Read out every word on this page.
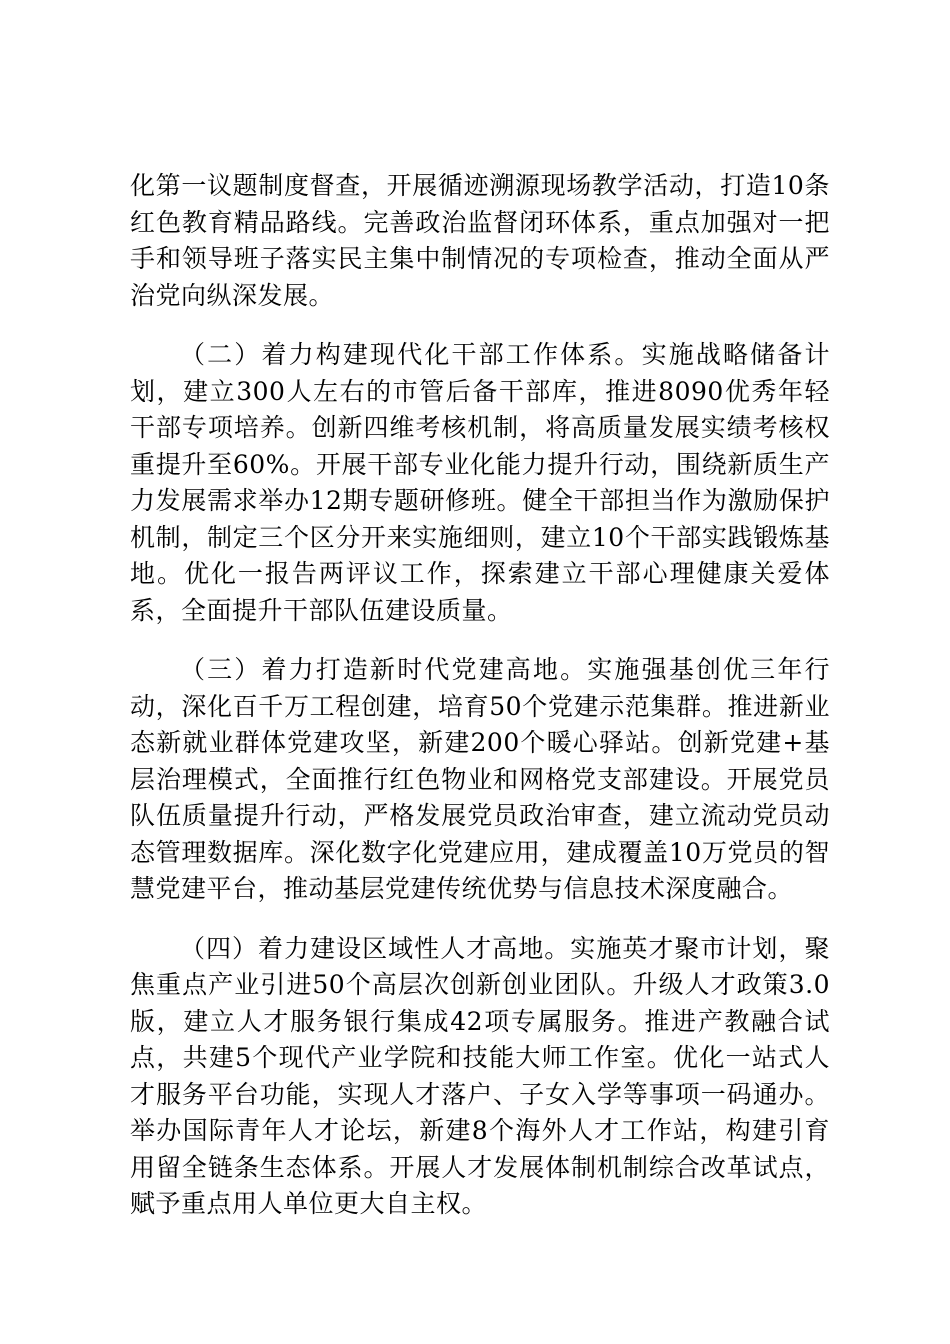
化第一议题制度督查，开展循迹溯源现场教学活动，打造10条红色教育精品路线。完善政治监督闭环体系，重点加强对一把手和领导班子落实民主集中制情况的专项检查，推动全面从严治党向纵深发展。

（二）着力构建现代化干部工作体系。实施战略储备计划，建立300人左右的市管后备干部库，推进8090优秀年轻干部专项培养。创新四维考核机制，将高质量发展实绩考核权重提升至60%。开展干部专业化能力提升行动，围绕新质生产力发展需求举办12期专题研修班。健全干部担当作为激励保护机制，制定三个区分开来实施细则，建立10个干部实践锻炼基地。优化一报告两评议工作，探索建立干部心理健康关爱体系，全面提升干部队伍建设质量。

（三）着力打造新时代党建高地。实施强基创优三年行动，深化百千万工程创建，培育50个党建示范集群。推进新业态新就业群体党建攻坚，新建200个暖心驿站。创新党建+基层治理模式，全面推行红色物业和网格党支部建设。开展党员队伍质量提升行动，严格发展党员政治审查，建立流动党员动态管理数据库。深化数字化党建应用，建成覆盖10万党员的智慧党建平台，推动基层党建传统优势与信息技术深度融合。

（四）着力建设区域性人才高地。实施英才聚市计划，聚焦重点产业引进50个高层次创新创业团队。升级人才政策3.0版，建立人才服务银行集成42项专属服务。推进产教融合试点，共建5个现代产业学院和技能大师工作室。优化一站式人才服务平台功能，实现人才落户、子女入学等事项一码通办。举办国际青年人才论坛，新建8个海外人才工作站，构建引育用留全链条生态体系。开展人才发展体制机制综合改革试点，赋予重点用人单位更大自主权。
